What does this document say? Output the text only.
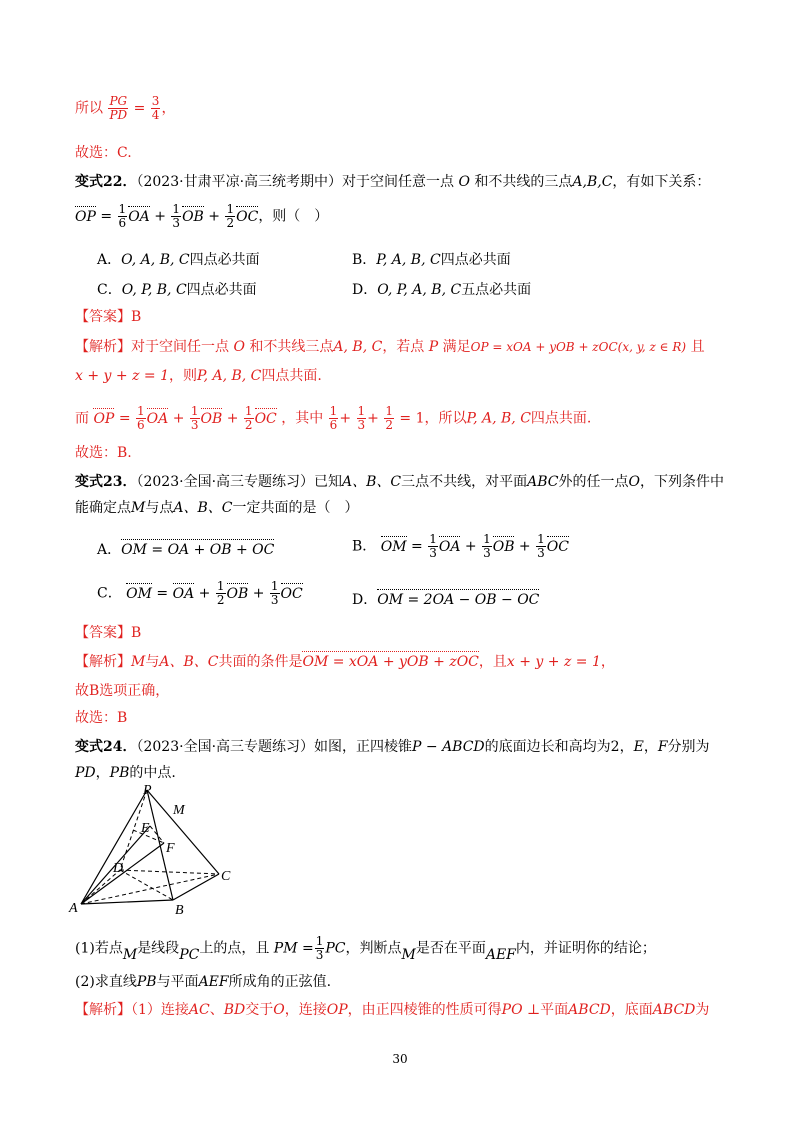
所以 $\frac{PG}{PD} = \frac{3}{4}$ ，
故选：C.
变式22．（2023·甘肃平凉·高三统考期中）对于空间任意一点 O 和不共线的三点A,B,C，有如下关系：
OP = $\frac{1}{6}$ OA + $\frac{1}{3}$ OB + $\frac{1}{2}$ OC，则（　）
A．O, A, B, C四点必共面	B．P, A, B, C四点必共面
C．O, P, B, C四点必共面	D．O, P, A, B, C五点必共面
【答案】B
【解析】对于空间任一点 O 和不共线三点A, B, C，若点 P 满足OP = xOA + yOB + zOC(x, y, z ∈ R) 且
x + y + z = 1，则P, A, B, C四点共面.
而 OP = $\frac{1}{6}$ OA + $\frac{1}{3}$ OB + $\frac{1}{2}$ OC ，其中 $\frac{1}{6} + \frac{1}{3} + \frac{1}{2} = 1$，所以P, A, B, C四点共面.
故选：B.
变式23．（2023·全国·高三专题练习）已知A、B、C三点不共线，对平面ABC外的任一点O，下列条件中
能确定点M与点A、B、C一定共面的是（　）
A．OM = OA + OB + OC	B． OM = $\frac{1}{3}$ OA + $\frac{1}{3}$ OB + $\frac{1}{3}$ OC
C． OM = OA + $\frac{1}{2}$ OB + $\frac{1}{3}$ OC	D．OM = 2OA − OB − OC
【答案】B
【解析】M与A、B、C共面的条件是OM = xOA + yOB + zOC，且x + y + z = 1，
故B选项正确，
故选：B
变式24．（2023·全国·高三专题练习）如图，正四棱锥P − ABCD的底面边长和高均为2，E，F分别为
PD，PB的中点.
P
M
E
F
D
C
A	B
(1)若点M是线段PC上的点，且 PM = $\frac{1}{3}$ PC，判断点M是否在平面AEF内，并证明你的结论；
(2)求直线PB与平面AEF所成角的正弦值.
【解析】（1）连接AC、BD交于O，连接OP，由正四棱锥的性质可得PO ⊥平面ABCD，底面ABCD为
30
